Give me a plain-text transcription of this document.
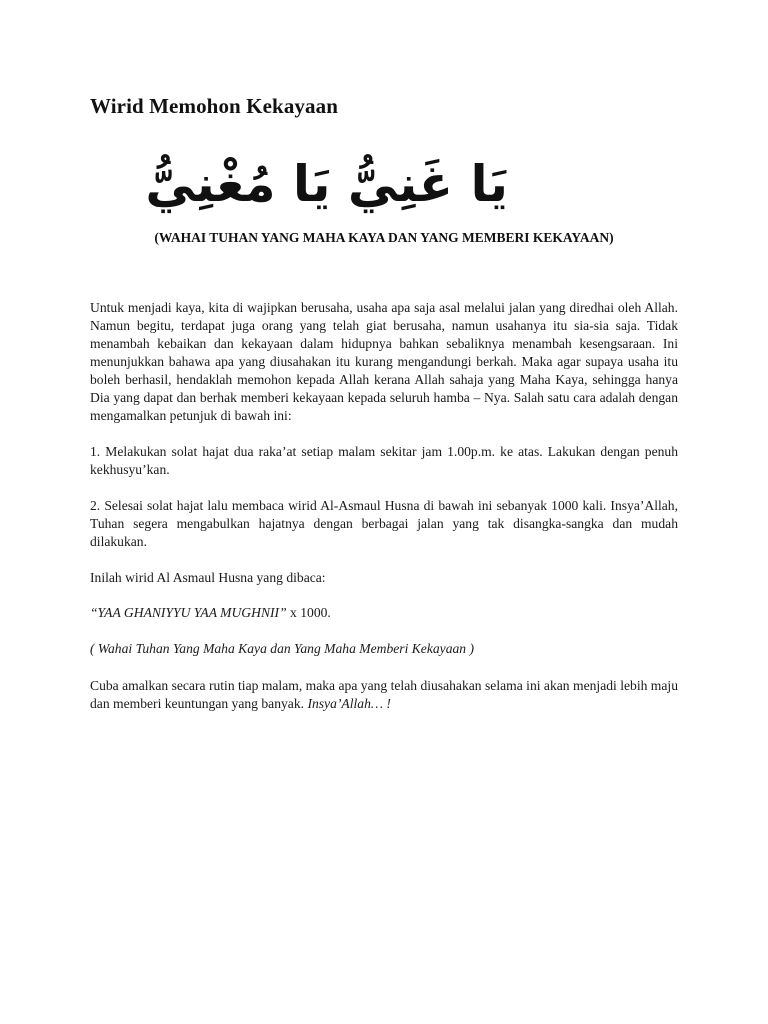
Wirid Memohon Kekayaan
يَا غَنِيُّ يَا مُغْنِيُّ

(WAHAI TUHAN YANG MAHA KAYA DAN YANG MEMBERI KEKAYAAN)

Untuk menjadi kaya, kita di wajipkan berusaha, usaha apa saja asal melalui jalan yang diredhai oleh Allah. Namun begitu, terdapat juga orang yang telah giat berusaha, namun usahanya itu sia-sia saja. Tidak menambah kebaikan dan kekayaan dalam hidupnya bahkan sebaliknya menambah kesengsaraan. Ini menunjukkan bahawa apa yang diusahakan itu kurang mengandungi berkah. Maka agar supaya usaha itu boleh berhasil, hendaklah memohon kepada Allah kerana Allah sahaja yang Maha Kaya, sehingga hanya Dia yang dapat dan berhak memberi kekayaan kepada seluruh hamba – Nya. Salah satu cara adalah dengan mengamalkan petunjuk di bawah ini:

1. Melakukan solat hajat dua raka’at setiap malam sekitar jam 1.00p.m. ke atas. Lakukan dengan penuh kekhusyu’kan.

2. Selesai solat hajat lalu membaca wirid Al-Asmaul Husna di bawah ini sebanyak 1000 kali. Insya’Allah, Tuhan segera mengabulkan hajatnya dengan berbagai jalan yang tak disangka-sangka dan mudah dilakukan.

Inilah wirid Al Asmaul Husna yang dibaca:

“YAA GHANIYYU YAA MUGHNII” x 1000.

( Wahai Tuhan Yang Maha Kaya dan Yang Maha Memberi Kekayaan )

Cuba amalkan secara rutin tiap malam, maka apa yang telah diusahakan selama ini akan menjadi lebih maju dan memberi keuntungan yang banyak. Insya’Allah… !
